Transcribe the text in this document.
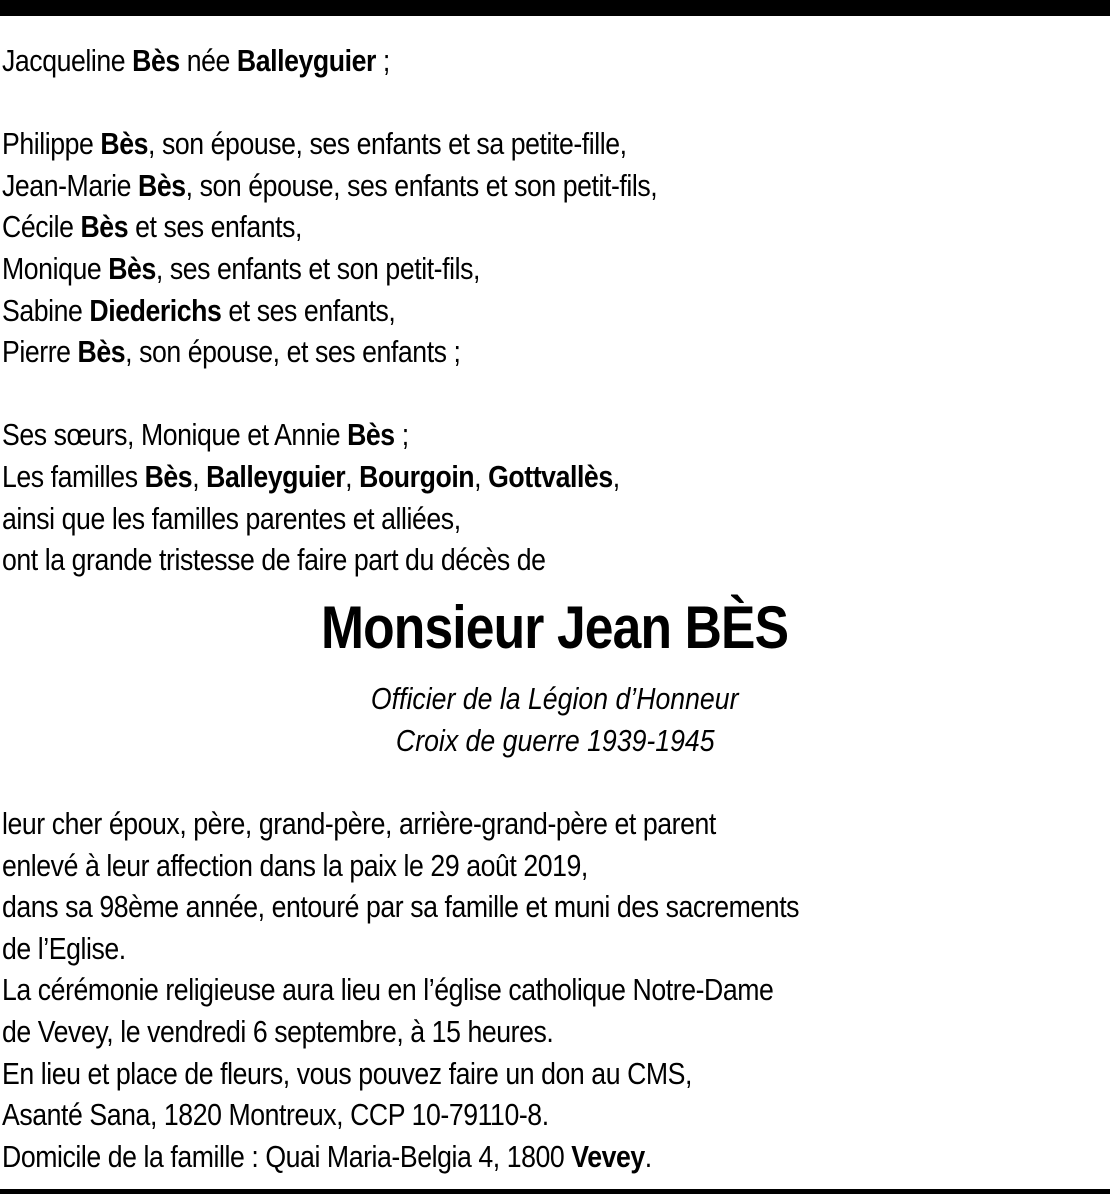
Jacqueline Bès née Balleyguier ;
Philippe Bès, son épouse, ses enfants et sa petite-fille,
Jean-Marie Bès, son épouse, ses enfants et son petit-fils,
Cécile Bès et ses enfants,
Monique Bès, ses enfants et son petit-fils,
Sabine Diederichs et ses enfants,
Pierre Bès, son épouse, et ses enfants ;
Ses sœurs, Monique et Annie Bès ;
Les familles Bès, Balleyguier, Bourgoin, Gottvallès,
ainsi que les familles parentes et alliées,
ont la grande tristesse de faire part du décès de
Monsieur Jean BÈS
Officier de la Légion d’Honneur
Croix de guerre 1939-1945
leur cher époux, père, grand-père, arrière-grand-père et parent
enlevé à leur affection dans la paix le 29 août 2019,
dans sa 98ème année, entouré par sa famille et muni des sacrements
de l’Eglise.
La cérémonie religieuse aura lieu en l’église catholique Notre-Dame
de Vevey, le vendredi 6 septembre, à 15 heures.
En lieu et place de fleurs, vous pouvez faire un don au CMS,
Asanté Sana, 1820 Montreux, CCP 10-79110-8.
Domicile de la famille : Quai Maria-Belgia 4, 1800 Vevey.
